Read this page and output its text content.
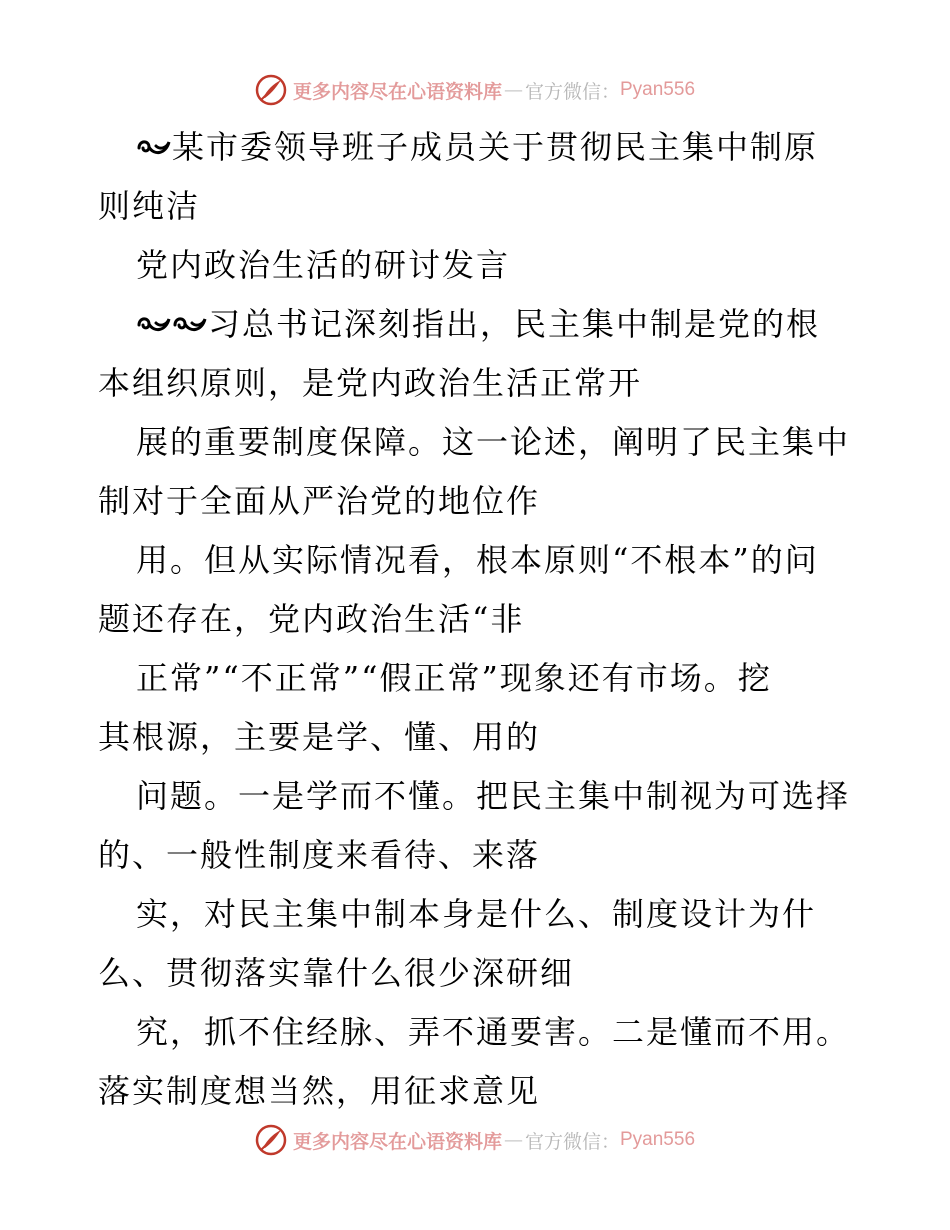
更多内容尽在心语资料库 — 官方微信： Pyan556
某市委领导班子成员关于贯彻民主集中制原
则纯洁
党内政治生活的研讨发言
习总书记深刻指出，民主集中制是党的根
本组织原则，是党内政治生活正常开
展的重要制度保障。这一论述，阐明了民主集中
制对于全面从严治党的地位作
用。但从实际情况看，根本原则“不根本”的问
题还存在，党内政治生活“非
正常”“不正常”“假正常”现象还有市场。挖
其根源，主要是学、懂、用的
问题。一是学而不懂。把民主集中制视为可选择
的、一般性制度来看待、来落
实，对民主集中制本身是什么、制度设计为什
么、贯彻落实靠什么很少深研细
究，抓不住经脉、弄不通要害。二是懂而不用。
落实制度想当然，用征求意见
更多内容尽在心语资料库 — 官方微信： Pyan556
